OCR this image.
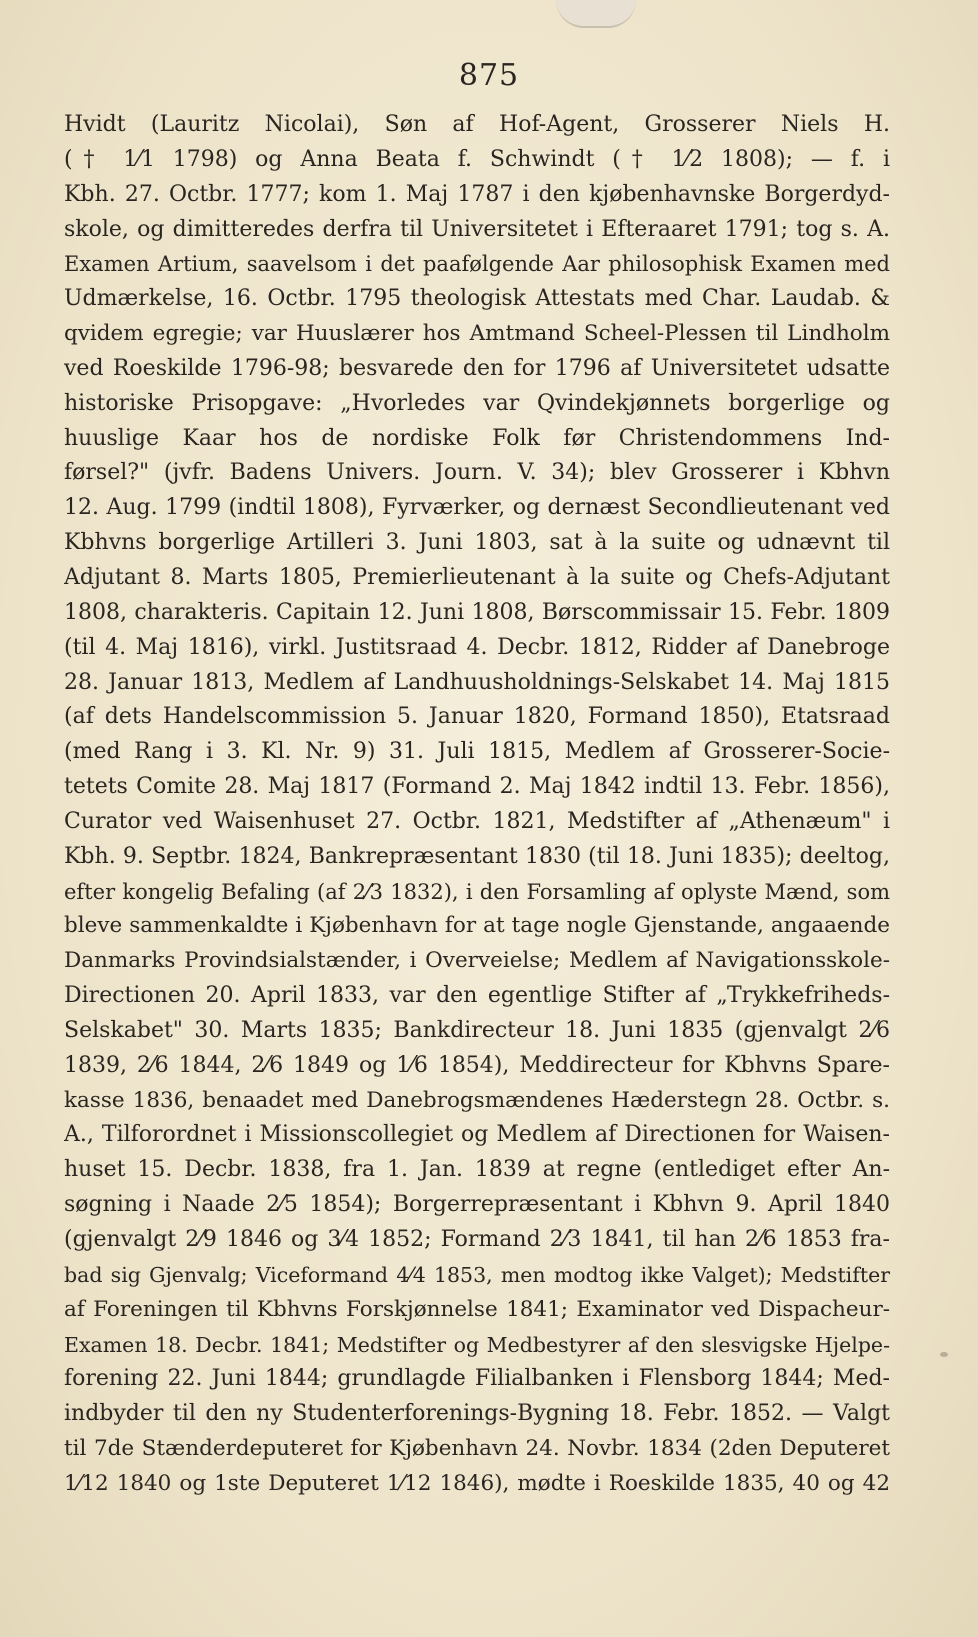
875
Hvidt (Lauritz Nicolai), Søn af Hof-Agent, Grosserer Niels H.
(† 1⁄1 1798) og Anna Beata f. Schwindt († 1⁄2 1808); — f. i
Kbh. 27. Octbr. 1777; kom 1. Maj 1787 i den kjøbenhavnske Borgerdyd-
skole, og dimitteredes derfra til Universitetet i Efteraaret 1791; tog s. A.
Examen Artium, saavelsom i det paafølgende Aar philosophisk Examen med
Udmærkelse, 16. Octbr. 1795 theologisk Attestats med Char. Laudab. &
qvidem egregie; var Huuslærer hos Amtmand Scheel-Plessen til Lindholm
ved Roeskilde 1796-98; besvarede den for 1796 af Universitetet udsatte
historiske Prisopgave: „Hvorledes var Qvindekjønnets borgerlige og
huuslige Kaar hos de nordiske Folk før Christendommens Ind-
førsel?" (jvfr. Badens Univers. Journ. V. 34); blev Grosserer i Kbhvn
12. Aug. 1799 (indtil 1808), Fyrværker, og dernæst Secondlieutenant ved
Kbhvns borgerlige Artilleri 3. Juni 1803, sat à la suite og udnævnt til
Adjutant 8. Marts 1805, Premierlieutenant à la suite og Chefs-Adjutant
1808, charakteris. Capitain 12. Juni 1808, Børscommissair 15. Febr. 1809
(til 4. Maj 1816), virkl. Justitsraad 4. Decbr. 1812, Ridder af Danebroge
28. Januar 1813, Medlem af Landhuusholdnings-Selskabet 14. Maj 1815
(af dets Handelscommission 5. Januar 1820, Formand 1850), Etatsraad
(med Rang i 3. Kl. Nr. 9) 31. Juli 1815, Medlem af Grosserer-Socie-
tetets Comite 28. Maj 1817 (Formand 2. Maj 1842 indtil 13. Febr. 1856),
Curator ved Waisenhuset 27. Octbr. 1821, Medstifter af „Athenæum" i
Kbh. 9. Septbr. 1824, Bankrepræsentant 1830 (til 18. Juni 1835); deeltog,
efter kongelig Befaling (af 2⁄3 1832), i den Forsamling af oplyste Mænd, som
bleve sammenkaldte i Kjøbenhavn for at tage nogle Gjenstande, angaaende
Danmarks Provindsialstænder, i Overveielse; Medlem af Navigationsskole-
Directionen 20. April 1833, var den egentlige Stifter af „Trykkefriheds-
Selskabet" 30. Marts 1835; Bankdirecteur 18. Juni 1835 (gjenvalgt 2⁄6
1839, 2⁄6 1844, 2⁄6 1849 og 1⁄6 1854), Meddirecteur for Kbhvns Spare-
kasse 1836, benaadet med Danebrogsmændenes Hæderstegn 28. Octbr. s.
A., Tilforordnet i Missionscollegiet og Medlem af Directionen for Waisen-
huset 15. Decbr. 1838, fra 1. Jan. 1839 at regne (entlediget efter An-
søgning i Naade 2⁄5 1854); Borgerrepræsentant i Kbhvn 9. April 1840
(gjenvalgt 2⁄9 1846 og 3⁄4 1852; Formand 2⁄3 1841, til han 2⁄6 1853 fra-
bad sig Gjenvalg; Viceformand 4⁄4 1853, men modtog ikke Valget); Medstifter
af Foreningen til Kbhvns Forskjønnelse 1841; Examinator ved Dispacheur-
Examen 18. Decbr. 1841; Medstifter og Medbestyrer af den slesvigske Hjelpe-
forening 22. Juni 1844; grundlagde Filialbanken i Flensborg 1844; Med-
indbyder til den ny Studenterforenings-Bygning 18. Febr. 1852. — Valgt
til 7de Stænderdeputeret for Kjøbenhavn 24. Novbr. 1834 (2den Deputeret
1⁄12 1840 og 1ste Deputeret 1⁄12 1846), mødte i Roeskilde 1835, 40 og 42
